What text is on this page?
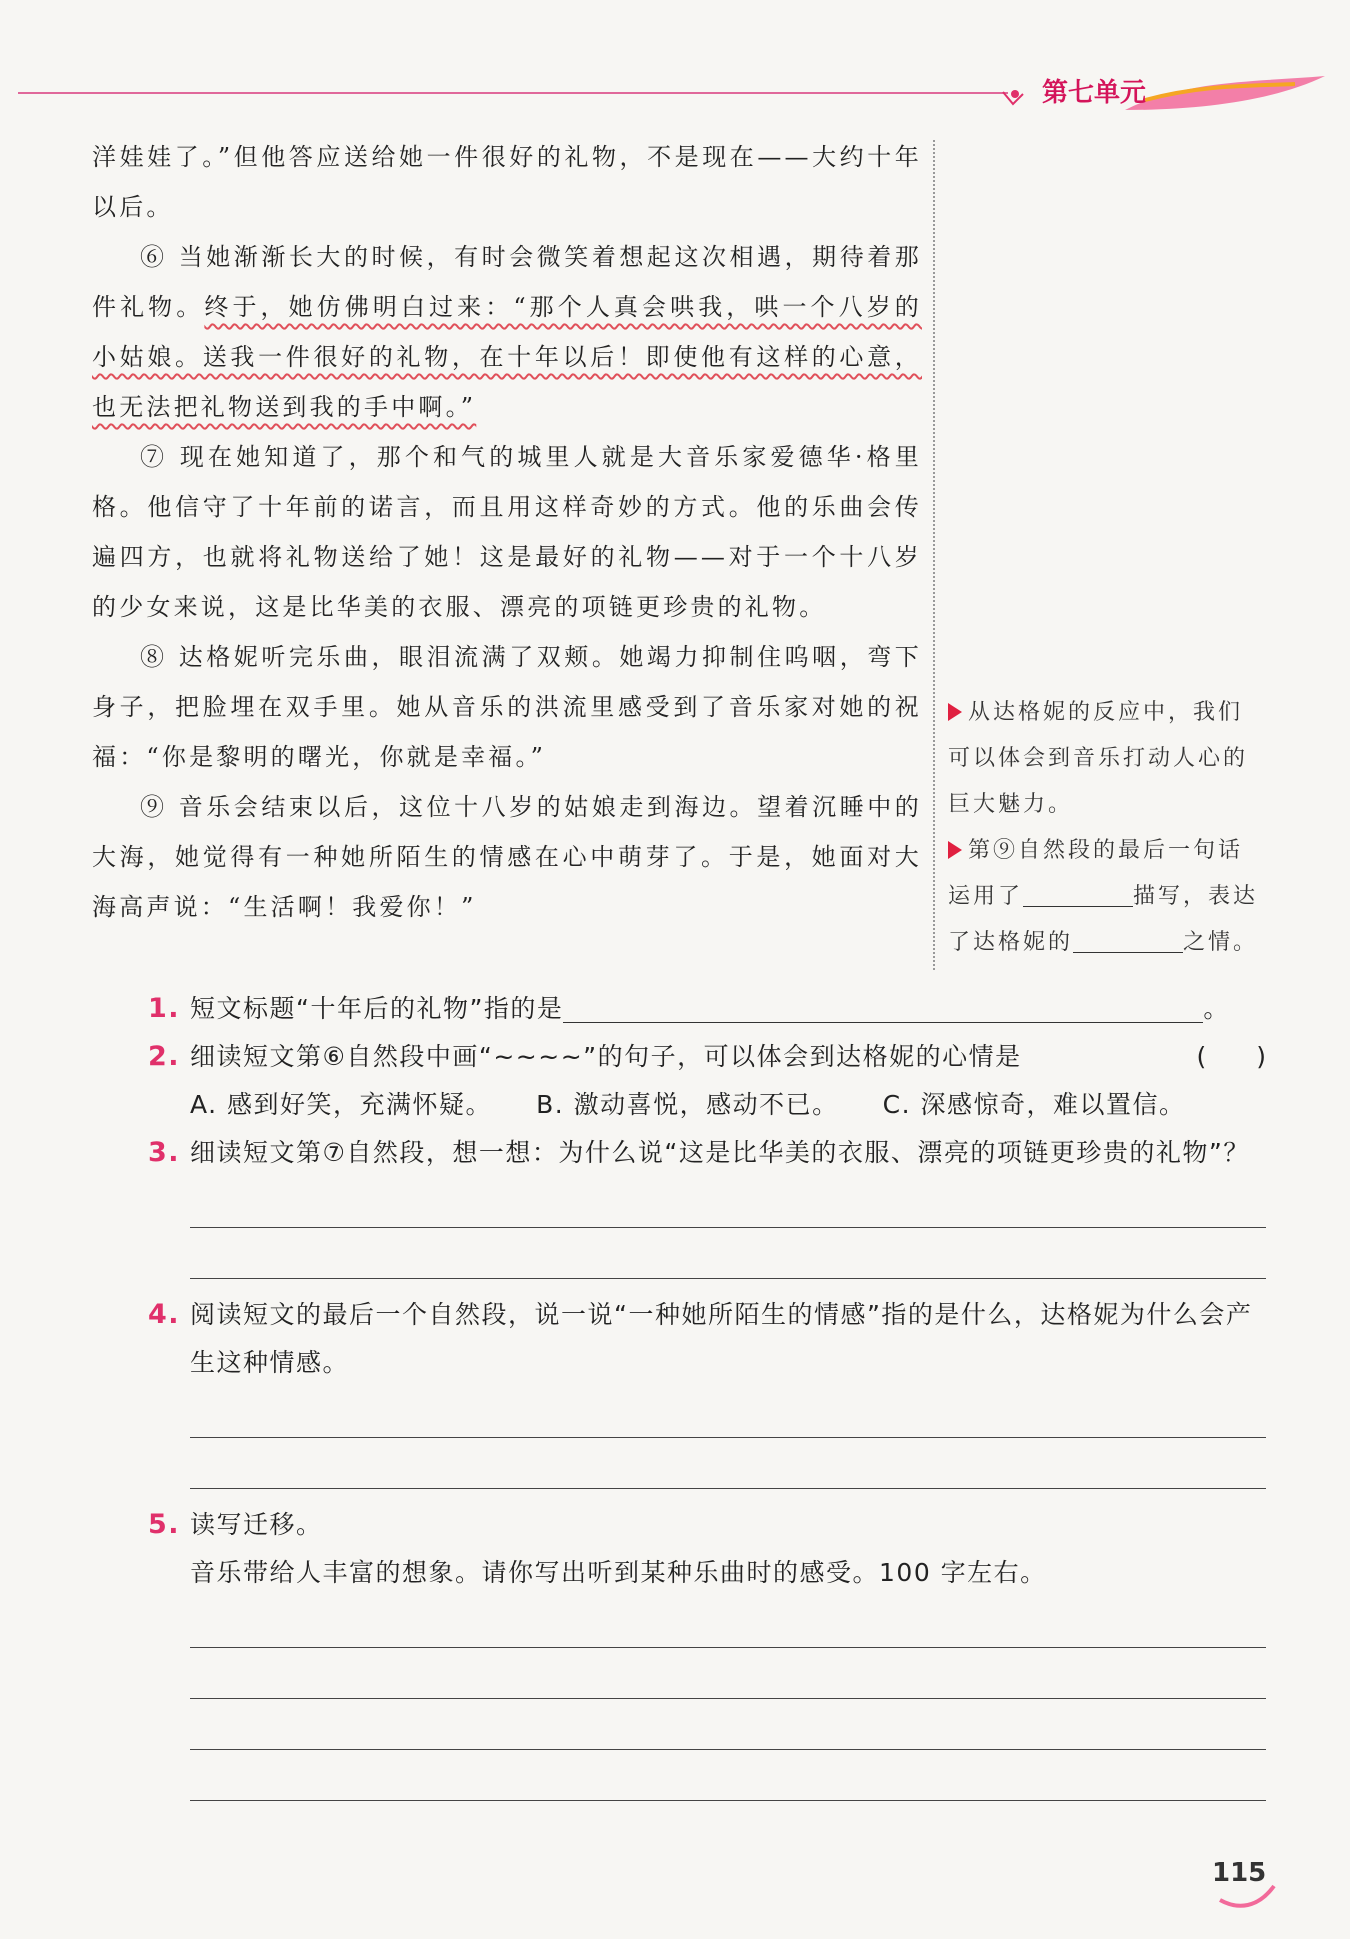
第七单元

洋娃娃了。”但他答应送给她一件很好的礼物，不是现在——大约十年以后。

⑥ 当她渐渐长大的时候，有时会微笑着想起这次相遇，期待着那件礼物。终于，她仿佛明白过来：“那个人真会哄我，哄一个八岁的小姑娘。送我一件很好的礼物，在十年以后！即使他有这样的心意，也无法把礼物送到我的手中啊。”

⑦ 现在她知道了，那个和气的城里人就是大音乐家爱德华·格里格。他信守了十年前的诺言，而且用这样奇妙的方式。他的乐曲会传遍四方，也就将礼物送给了她！这是最好的礼物——对于一个十八岁的少女来说，这是比华美的衣服、漂亮的项链更珍贵的礼物。

⑧ 达格妮听完乐曲，眼泪流满了双颊。她竭力抑制住呜咽，弯下身子，把脸埋在双手里。她从音乐的洪流里感受到了音乐家对她的祝福：“你是黎明的曙光，你就是幸福。”

⑨ 音乐会结束以后，这位十八岁的姑娘走到海边。望着沉睡中的大海，她觉得有一种她所陌生的情感在心中萌芽了。于是，她面对大海高声说：“生活啊！我爱你！”

从达格妮的反应中，我们可以体会到音乐打动人心的巨大魅力。

第⑨自然段的最后一句话运用了	描写，表达了达格妮的	之情。

1. 短文标题“十年后的礼物”指的是	。
2. 细读短文第⑥自然段中画“~~~~”的句子，可以体会到达格妮的心情是	(　　)
A. 感到好笑，充满怀疑。 B. 激动喜悦，感动不已。 C. 深感惊奇，难以置信。
3. 细读短文第⑦自然段，想一想：为什么说“这是比华美的衣服、漂亮的项链更珍贵的礼物”？
4. 阅读短文的最后一个自然段，说一说“一种她所陌生的情感”指的是什么，达格妮为什么会产生这种情感。
5. 读写迁移。
音乐带给人丰富的想象。请你写出听到某种乐曲时的感受。100 字左右。
115
